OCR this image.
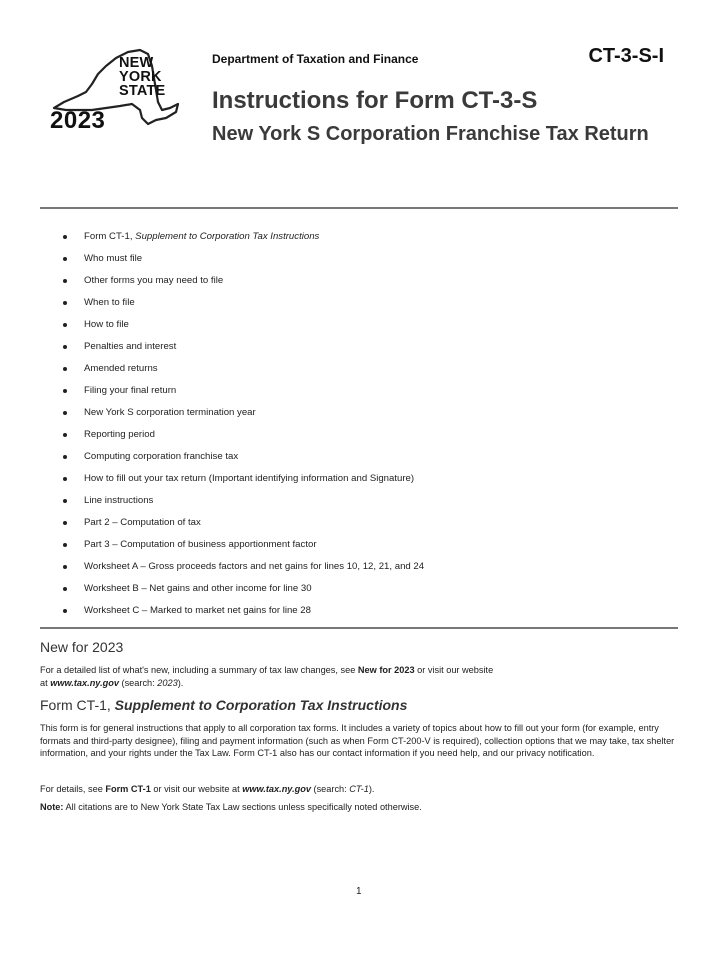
NEW
YORK
STATE
2023
Department of Taxation and Finance	CT-3-S-I
Instructions for Form CT-3-S
New York S Corporation Franchise Tax Return
Form CT-1, Supplement to Corporation Tax Instructions
Who must file
Other forms you may need to file
When to file
How to file
Penalties and interest
Amended returns
Filing your final return
New York S corporation termination year
Reporting period
Computing corporation franchise tax
How to fill out your tax return (Important identifying information and Signature)
Line instructions
Part 2 – Computation of tax
Part 3 – Computation of business apportionment factor
Worksheet A – Gross proceeds factors and net gains for lines 10, 12, 21, and 24
Worksheet B – Net gains and other income for line 30
Worksheet C – Marked to market net gains for line 28
New for 2023

For a detailed list of what's new, including a summary of tax law changes, see New for 2023 or visit our website
at www.tax.ny.gov (search: 2023).

Form CT-1, Supplement to Corporation Tax Instructions

This form is for general instructions that apply to all corporation tax forms. It includes a variety of topics about how to fill out your form (for example, entry formats and third-party designee), filing and payment information (such as when Form CT-200-V is required), collection options that we may take, tax shelter information, and your rights under the Tax Law. Form CT-1 also has our contact information if you need help, and our privacy notification.

For details, see Form CT-1 or visit our website at www.tax.ny.gov (search: CT-1).

Note: All citations are to New York State Tax Law sections unless specifically noted otherwise.

1
